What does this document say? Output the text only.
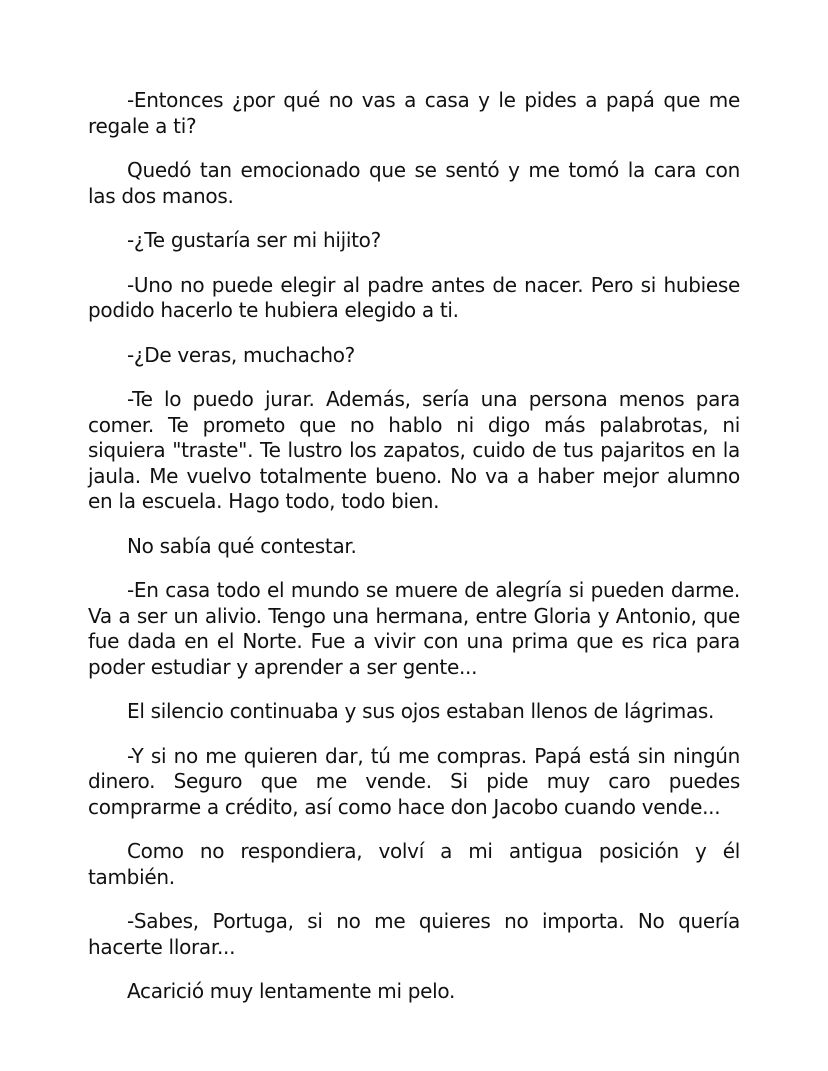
-Entonces ¿por qué no vas a casa y le pides a papá que me regale a ti?

Quedó tan emocionado que se sentó y me tomó la cara con las dos manos.

-¿Te gustaría ser mi hijito?

-Uno no puede elegir al padre antes de nacer. Pero si hubiese podido hacerlo te hubiera elegido a ti.

-¿De veras, muchacho?

-Te lo puedo jurar. Además, sería una persona menos para comer. Te prometo que no hablo ni digo más palabrotas, ni siquiera "traste". Te lustro los zapatos, cuido de tus pajaritos en la jaula. Me vuelvo totalmente bueno. No va a haber mejor alumno en la escuela. Hago todo, todo bien.

No sabía qué contestar.

-En casa todo el mundo se muere de alegría si pueden darme. Va a ser un alivio. Tengo una hermana, entre Gloria y Antonio, que fue dada en el Norte. Fue a vivir con una prima que es rica para poder estudiar y aprender a ser gente...

El silencio continuaba y sus ojos estaban llenos de lágrimas.

-Y si no me quieren dar, tú me compras. Papá está sin ningún dinero. Seguro que me vende. Si pide muy caro puedes comprarme a crédito, así como hace don Jacobo cuando vende...

Como no respondiera, volví a mi antigua posición y él también.

-Sabes, Portuga, si no me quieres no importa. No quería hacerte llorar...

Acarició muy lentamente mi pelo.
